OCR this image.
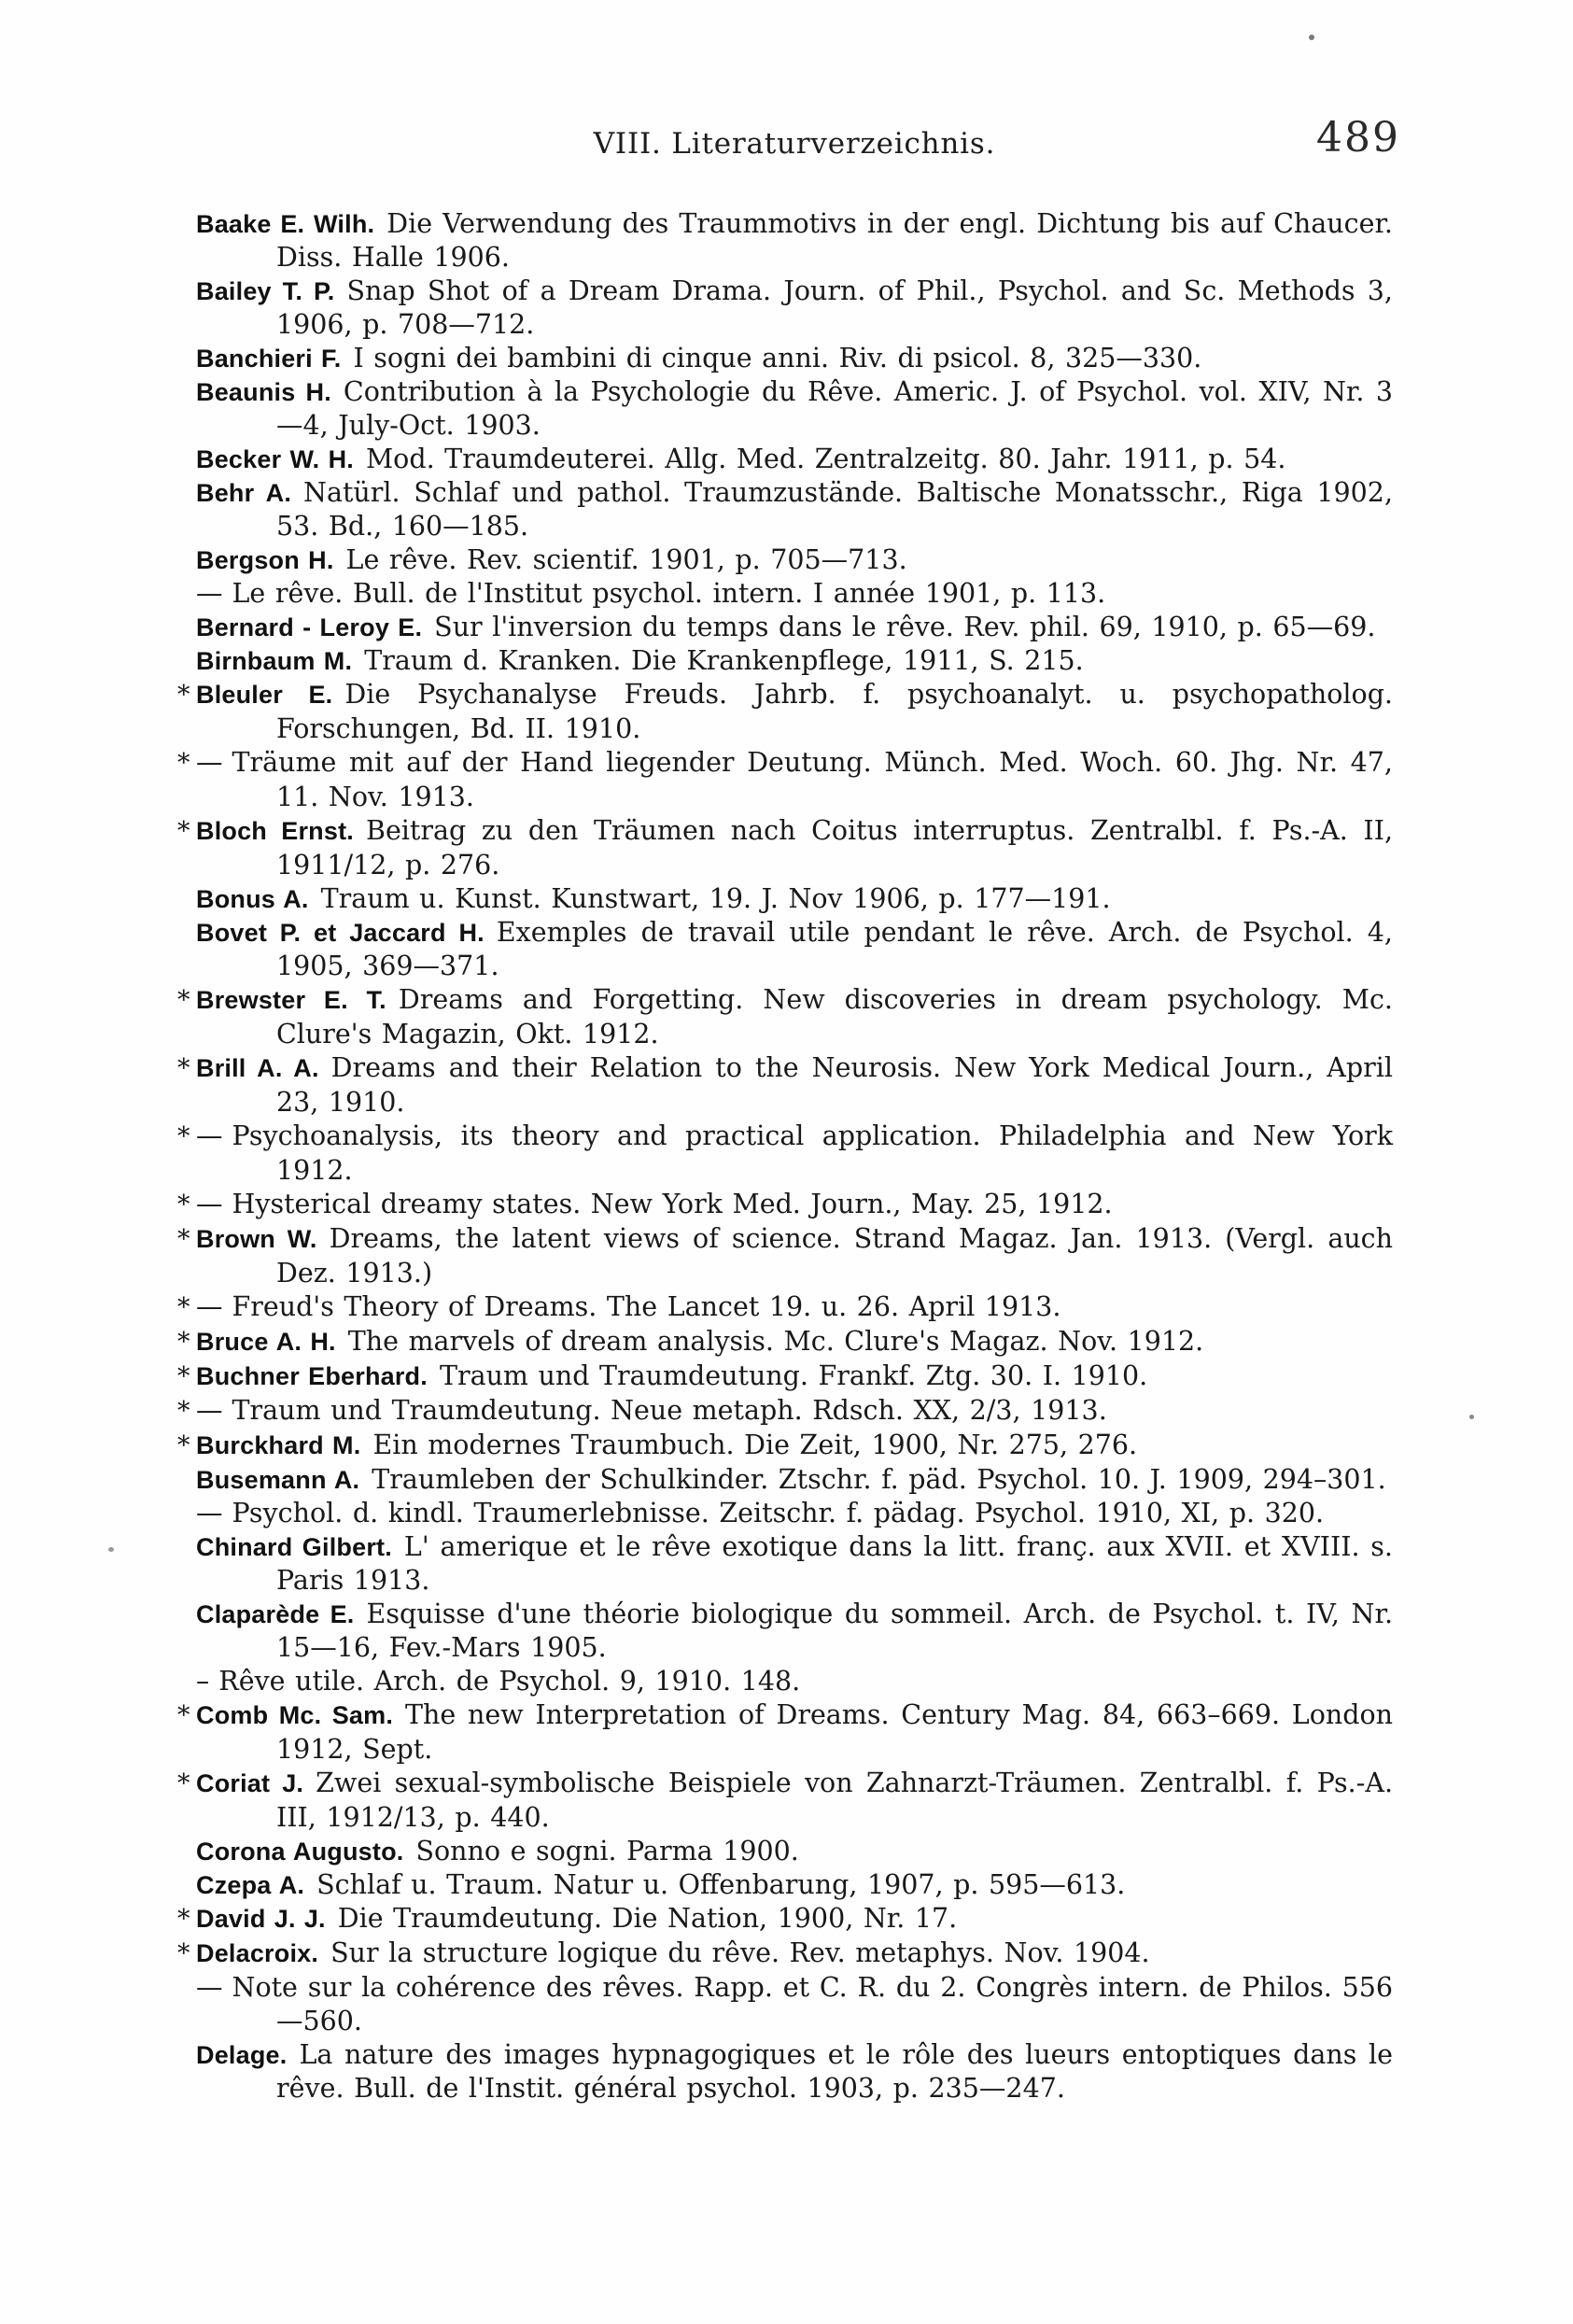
VIII. Literaturverzeichnis.	489

Baake E. Wilh. Die Verwendung des Traummotivs in der engl. Dichtung bis auf Chaucer. Diss. Halle 1906.

Bailey T. P. Snap Shot of a Dream Drama. Journ. of Phil., Psychol. and Sc. Methods 3, 1906, p. 708—712.

Banchieri F. I sogni dei bambini di cinque anni. Riv. di psicol. 8, 325—330.

Beaunis H. Contribution à la Psychologie du Rêve. Americ. J. of Psychol. vol. XIV, Nr. 3—4, July-Oct. 1903.

Becker W. H. Mod. Traumdeuterei. Allg. Med. Zentralzeitg. 80. Jahr. 1911, p. 54.

Behr A. Natürl. Schlaf und pathol. Traumzustände. Baltische Monatsschr., Riga 1902, 53. Bd., 160—185.

Bergson H. Le rêve. Rev. scientif. 1901, p. 705—713.

— Le rêve. Bull. de l'Institut psychol. intern. I année 1901, p. 113.

Bernard - Leroy E. Sur l'inversion du temps dans le rêve. Rev. phil. 69, 1910, p. 65—69.

Birnbaum M. Traum d. Kranken. Die Krankenpflege, 1911, S. 215.

* Bleuler E. Die Psychanalyse Freuds. Jahrb. f. psychoanalyt. u. psychopatholog. Forschungen, Bd. II. 1910.

* — Träume mit auf der Hand liegender Deutung. Münch. Med. Woch. 60. Jhg. Nr. 47, 11. Nov. 1913.

* Bloch Ernst. Beitrag zu den Träumen nach Coitus interruptus. Zentralbl. f. Ps.-A. II, 1911/12, p. 276.

Bonus A. Traum u. Kunst. Kunstwart, 19. J. Nov 1906, p. 177—191.

Bovet P. et Jaccard H. Exemples de travail utile pendant le rêve. Arch. de Psychol. 4, 1905, 369—371.

* Brewster E. T. Dreams and Forgetting. New discoveries in dream psychology. Mc. Clure's Magazin, Okt. 1912.

* Brill A. A. Dreams and their Relation to the Neurosis. New York Medical Journ., April 23, 1910.

* — Psychoanalysis, its theory and practical application. Philadelphia and New York 1912.

* — Hysterical dreamy states. New York Med. Journ., May. 25, 1912.

* Brown W. Dreams, the latent views of science. Strand Magaz. Jan. 1913. (Vergl. auch Dez. 1913.)

* — Freud's Theory of Dreams. The Lancet 19. u. 26. April 1913.

* Bruce A. H. The marvels of dream analysis. Mc. Clure's Magaz. Nov. 1912.

* Buchner Eberhard. Traum und Traumdeutung. Frankf. Ztg. 30. I. 1910.

* — Traum und Traumdeutung. Neue metaph. Rdsch. XX, 2/3, 1913.

* Burckhard M. Ein modernes Traumbuch. Die Zeit, 1900, Nr. 275, 276.

Busemann A. Traumleben der Schulkinder. Ztschr. f. päd. Psychol. 10. J. 1909, 294–301.

— Psychol. d. kindl. Traumerlebnisse. Zeitschr. f. pädag. Psychol. 1910, XI, p. 320.

Chinard Gilbert. L' amerique et le rêve exotique dans la litt. franç. aux XVII. et XVIII. s. Paris 1913.

Claparède E. Esquisse d'une théorie biologique du sommeil. Arch. de Psychol. t. IV, Nr. 15—16, Fev.-Mars 1905.

– Rêve utile. Arch. de Psychol. 9, 1910. 148.

* Comb Mc. Sam. The new Interpretation of Dreams. Century Mag. 84, 663–669. London 1912, Sept.

* Coriat J. Zwei sexual-symbolische Beispiele von Zahnarzt-Träumen. Zentralbl. f. Ps.-A. III, 1912/13, p. 440.

Corona Augusto. Sonno e sogni. Parma 1900.

Czepa A. Schlaf u. Traum. Natur u. Offenbarung, 1907, p. 595—613.

* David J. J. Die Traumdeutung. Die Nation, 1900, Nr. 17.

* Delacroix. Sur la structure logique du rêve. Rev. metaphys. Nov. 1904.

— Note sur la cohérence des rêves. Rapp. et C. R. du 2. Congrès intern. de Philos. 556—560.

Delage. La nature des images hypnagogiques et le rôle des lueurs entoptiques dans le rêve. Bull. de l'Instit. général psychol. 1903, p. 235—247.
